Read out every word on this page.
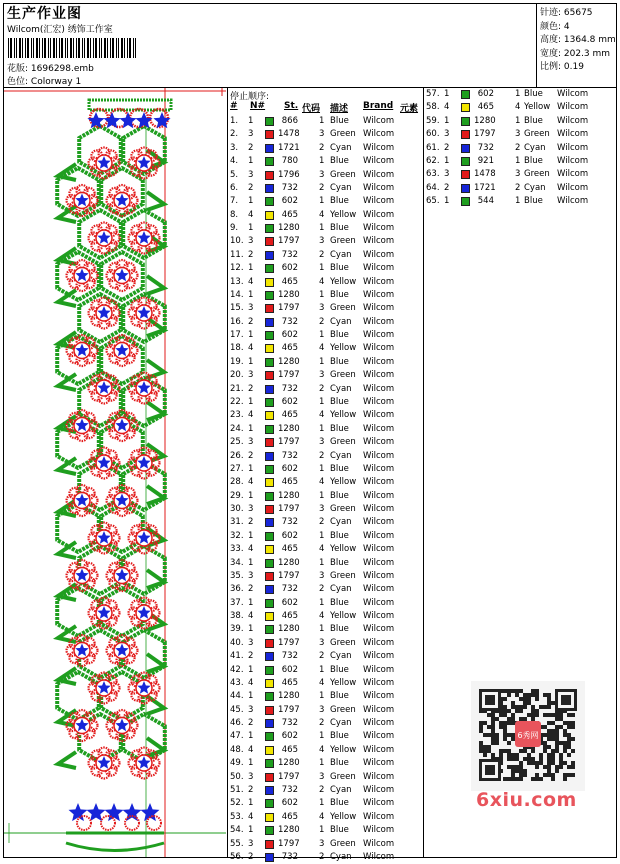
生产作业图
Wilcom(汇宏) 绣饰工作室
花版: 1696298.emb
色位: Colorway 1
针迹: 65675
颜色: 4
高度: 1364.8 mm
宽度: 202.3 mm
比例: 0.19
停止顺序:
# N# St. 代码 描述 Brand 元素
1. 1	866 1 Blue Wilcom
2. 3	1478 3 Green Wilcom
3. 2	1721 2 Cyan Wilcom
4. 1	780 1 Blue Wilcom
5. 3	1796 3 Green Wilcom
6. 2	732 2 Cyan Wilcom
7. 1	602 1 Blue Wilcom
8. 4	465 4 Yellow Wilcom
9. 1	1280 1 Blue Wilcom
10. 3	1797 3 Green Wilcom
11. 2	732 2 Cyan Wilcom
12. 1	602 1 Blue Wilcom
13. 4	465 4 Yellow Wilcom
14. 1	1280 1 Blue Wilcom
15. 3	1797 3 Green Wilcom
16. 2	732 2 Cyan Wilcom
17. 1	602 1 Blue Wilcom
18. 4	465 4 Yellow Wilcom
19. 1	1280 1 Blue Wilcom
20. 3	1797 3 Green Wilcom
21. 2	732 2 Cyan Wilcom
22. 1	602 1 Blue Wilcom
23. 4	465 4 Yellow Wilcom
24. 1	1280 1 Blue Wilcom
25. 3	1797 3 Green Wilcom
26. 2	732 2 Cyan Wilcom
27. 1	602 1 Blue Wilcom
28. 4	465 4 Yellow Wilcom
29. 1	1280 1 Blue Wilcom
30. 3	1797 3 Green Wilcom
31. 2	732 2 Cyan Wilcom
32. 1	602 1 Blue Wilcom
33. 4	465 4 Yellow Wilcom
34. 1	1280 1 Blue Wilcom
35. 3	1797 3 Green Wilcom
36. 2	732 2 Cyan Wilcom
37. 1	602 1 Blue Wilcom
38. 4	465 4 Yellow Wilcom
39. 1	1280 1 Blue Wilcom
40. 3	1797 3 Green Wilcom
41. 2	732 2 Cyan Wilcom
42. 1	602 1 Blue Wilcom
43. 4	465 4 Yellow Wilcom
44. 1	1280 1 Blue Wilcom
45. 3	1797 3 Green Wilcom
46. 2	732 2 Cyan Wilcom
47. 1	602 1 Blue Wilcom
48. 4	465 4 Yellow Wilcom
49. 1	1280 1 Blue Wilcom
50. 3	1797 3 Green Wilcom
51. 2	732 2 Cyan Wilcom
52. 1	602 1 Blue Wilcom
53. 4	465 4 Yellow Wilcom
54. 1	1280 1 Blue Wilcom
55. 3	1797 3 Green Wilcom
56. 2	732 2 Cyan Wilcom
57. 1	602 1 Blue Wilcom
58. 4	465 4 Yellow Wilcom
59. 1	1280 1 Blue Wilcom
60. 3	1797 3 Green Wilcom
61. 2	732 2 Cyan Wilcom
62. 1	921 1 Blue Wilcom
63. 3	1478 3 Green Wilcom
64. 2	1721 2 Cyan Wilcom
65. 1	544 1 Blue Wilcom
6秀网
6xiu.com
